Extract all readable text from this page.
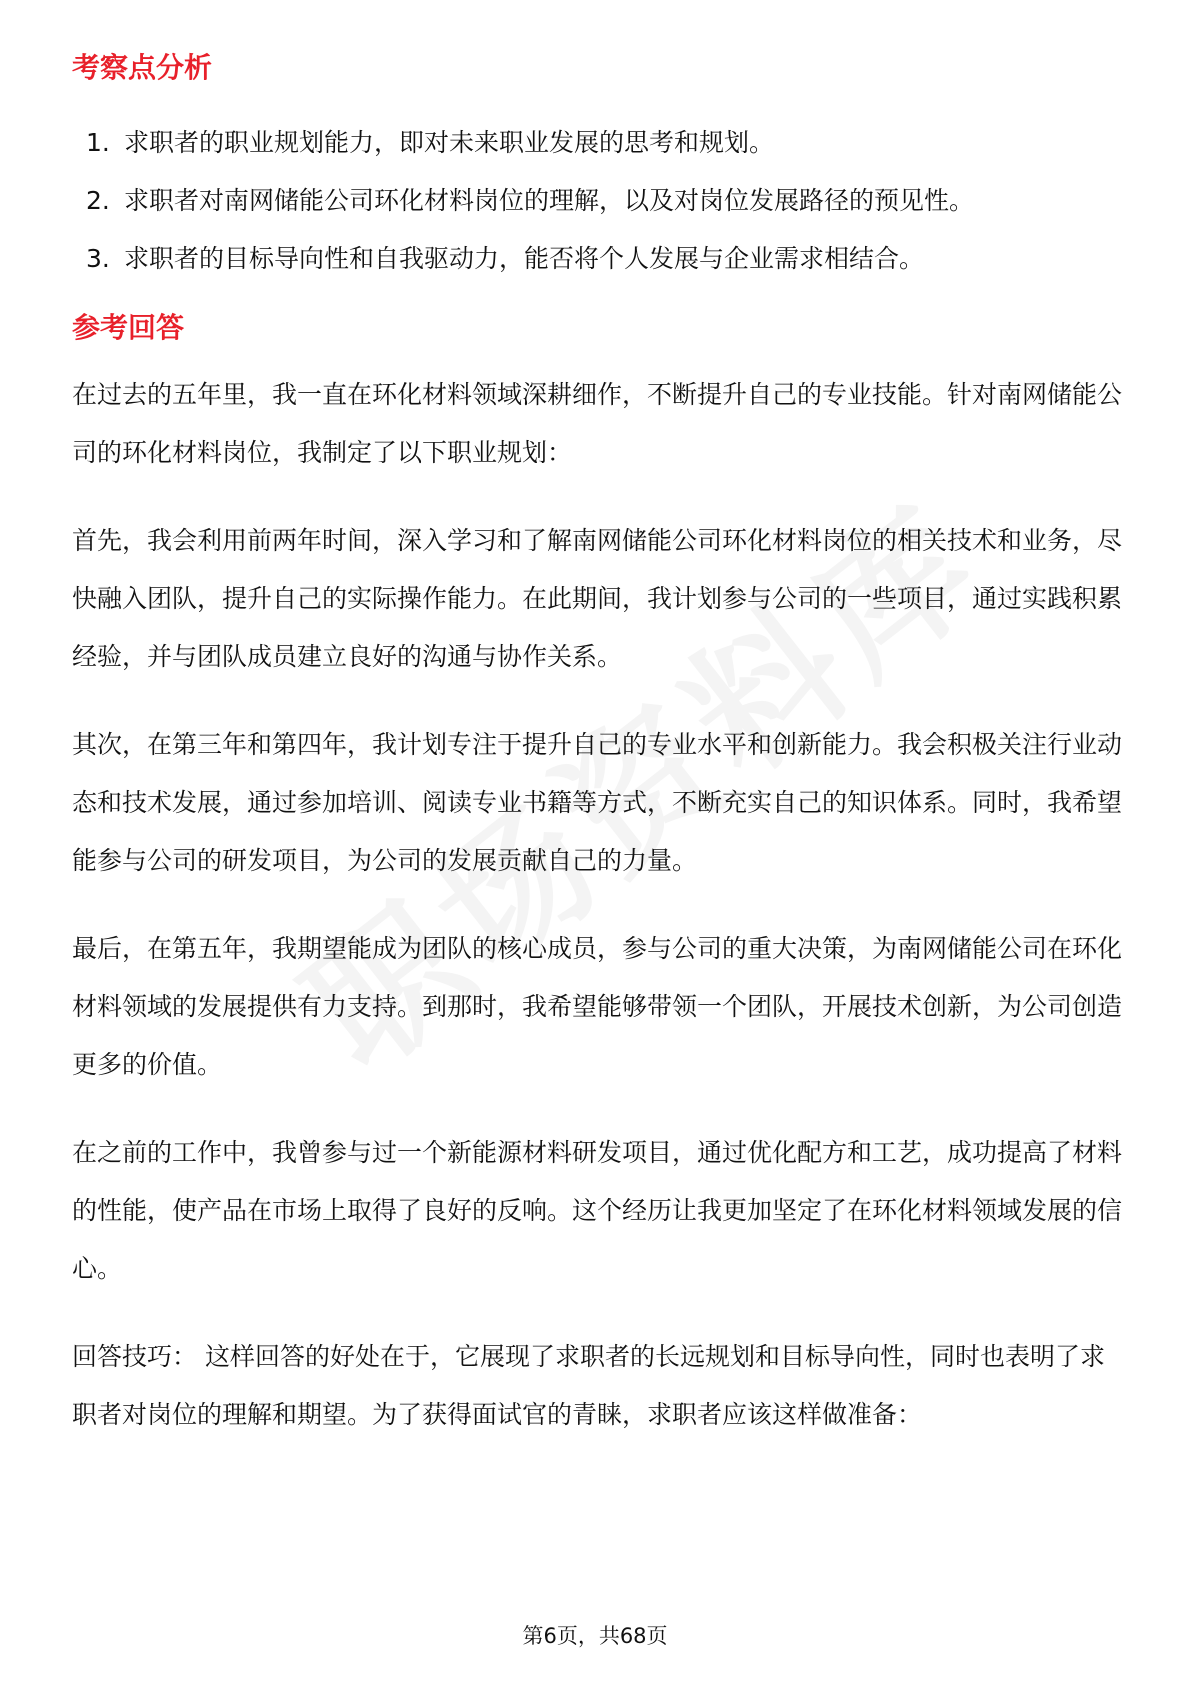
考察点分析
1. 求职者的职业规划能力，即对未来职业发展的思考和规划。
2. 求职者对南网储能公司环化材料岗位的理解，以及对岗位发展路径的预见性。
3. 求职者的目标导向性和自我驱动力，能否将个人发展与企业需求相结合。
参考回答

在过去的五年里，我一直在环化材料领域深耕细作，不断提升自己的专业技能。针对南网储能公司的环化材料岗位，我制定了以下职业规划：

首先，我会利用前两年时间，深入学习和了解南网储能公司环化材料岗位的相关技术和业务，尽快融入团队，提升自己的实际操作能力。在此期间，我计划参与公司的一些项目，通过实践积累经验，并与团队成员建立良好的沟通与协作关系。

其次，在第三年和第四年，我计划专注于提升自己的专业水平和创新能力。我会积极关注行业动态和技术发展，通过参加培训、阅读专业书籍等方式，不断充实自己的知识体系。同时，我希望能参与公司的研发项目，为公司的发展贡献自己的力量。

最后，在第五年，我期望能成为团队的核心成员，参与公司的重大决策，为南网储能公司在环化材料领域的发展提供有力支持。到那时，我希望能够带领一个团队，开展技术创新，为公司创造更多的价值。

在之前的工作中，我曾参与过一个新能源材料研发项目，通过优化配方和工艺，成功提高了材料的性能，使产品在市场上取得了良好的反响。这个经历让我更加坚定了在环化材料领域发展的信心。

回答技巧： 这样回答的好处在于，它展现了求职者的长远规划和目标导向性，同时也表明了求职者对岗位的理解和期望。为了获得面试官的青睐，求职者应该这样做准备：

第6页，共68页
